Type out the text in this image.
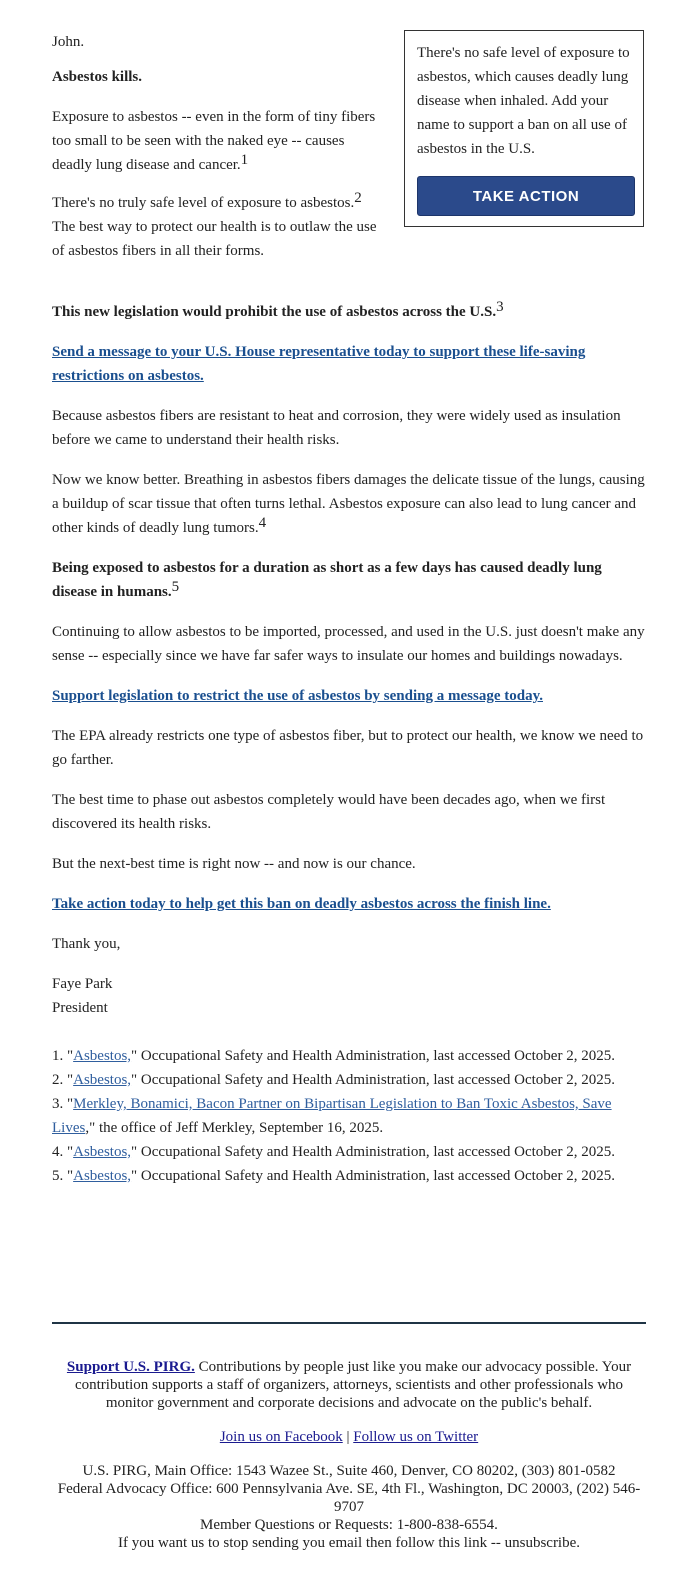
John.

Asbestos kills.

Exposure to asbestos -- even in the form of tiny fibers too small to be seen with the naked eye -- causes deadly lung disease and cancer.$^1$

There's no truly safe level of exposure to asbestos.$^2$ The best way to protect our health is to outlaw the use of asbestos fibers in all their forms.

There's no safe level of exposure to asbestos, which causes deadly lung disease when inhaled. Add your name to support a ban on all use of asbestos in the U.S.
TAKE ACTION

This new legislation would prohibit the use of asbestos across the U.S.$^3$

Send a message to your U.S. House representative today to support these life-saving restrictions on asbestos.

Because asbestos fibers are resistant to heat and corrosion, they were widely used as insulation before we came to understand their health risks.

Now we know better. Breathing in asbestos fibers damages the delicate tissue of the lungs, causing a buildup of scar tissue that often turns lethal. Asbestos exposure can also lead to lung cancer and other kinds of deadly lung tumors.$^4$

Being exposed to asbestos for a duration as short as a few days has caused deadly lung disease in humans.$^5$

Continuing to allow asbestos to be imported, processed, and used in the U.S. just doesn't make any sense -- especially since we have far safer ways to insulate our homes and buildings nowadays.

Support legislation to restrict the use of asbestos by sending a message today.

The EPA already restricts one type of asbestos fiber, but to protect our health, we know we need to go farther.

The best time to phase out asbestos completely would have been decades ago, when we first discovered its health risks.

But the next-best time is right now -- and now is our chance.

Take action today to help get this ban on deadly asbestos across the finish line.

Thank you,

Faye Park
President

1. "Asbestos," Occupational Safety and Health Administration, last accessed October 2, 2025.

2. "Asbestos," Occupational Safety and Health Administration, last accessed October 2, 2025.

3. "Merkley, Bonamici, Bacon Partner on Bipartisan Legislation to Ban Toxic Asbestos, Save Lives," the office of Jeff Merkley, September 16, 2025.

4. "Asbestos," Occupational Safety and Health Administration, last accessed October 2, 2025.

5. "Asbestos," Occupational Safety and Health Administration, last accessed October 2, 2025.

Support U.S. PIRG. Contributions by people just like you make our advocacy possible. Your contribution supports a staff of organizers, attorneys, scientists and other professionals who monitor government and corporate decisions and advocate on the public's behalf.

Join us on Facebook | Follow us on Twitter

U.S. PIRG, Main Office: 1543 Wazee St., Suite 460, Denver, CO 80202, (303) 801-0582

Federal Advocacy Office: 600 Pennsylvania Ave. SE, 4th Fl., Washington, DC 20003, (202) 546-9707

Member Questions or Requests: 1-800-838-6554.

If you want us to stop sending you email then follow this link -- unsubscribe.
